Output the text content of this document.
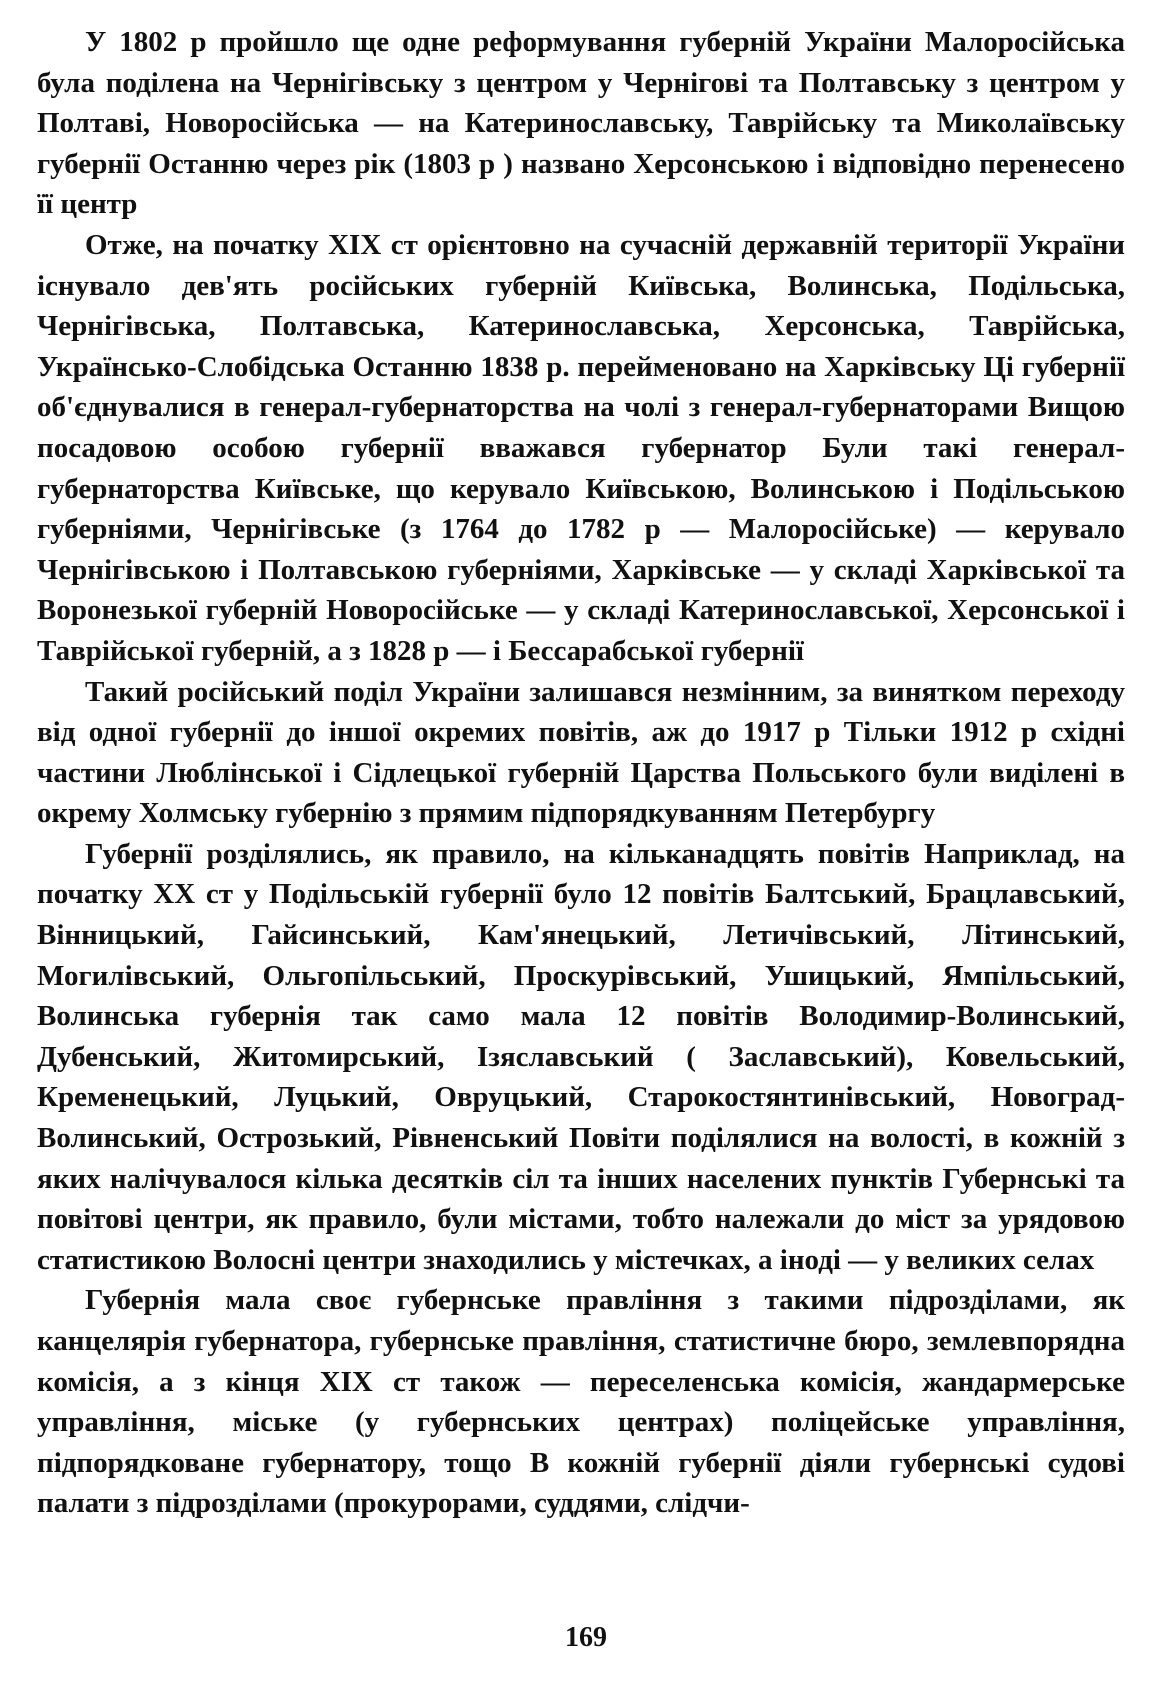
У 1802 р пройшло ще одне реформування губерній України Малоросійська була поділена на Чернігівську з центром у Чернігові та Полтавську з центром у Полтаві, Новоросійська — на Катеринославську, Таврійську та Миколаївську губернії Останню через рік (1803 р ) названо Херсонською і відповідно перенесено її центр

Отже, на початку XIX ст орієнтовно на сучасній державній території України існувало дев'ять російських губерній Київська, Волинська, Подільська, Чернігівська, Полтавська, Катеринославська, Херсонська, Таврійська, Українсько-Слобідська Останню 1838 р. перейменовано на Харківську Ці губернії об'єднувалися в генерал-губернаторства на чолі з генерал-губернаторами Вищою посадовою особою губернії вважався губернатор Були такі генерал-губернаторства Київське, що керувало Київською, Волинською і Подільською губерніями, Чернігівське (з 1764 до 1782 р — Малоросійське) — керувало Чернігівською і Полтавською губерніями, Харківське — у складі Харківської та Воронезької губерній Новоросійське — у складі Катеринославської, Херсонської і Таврійської губерній, а з 1828 р — і Бессарабської губернії

Такий російський поділ України залишався незмінним, за винятком переходу від одної губернії до іншої окремих повітів, аж до 1917 р Тільки 1912 р східні частини Люблінської і Сідлецької губерній Царства Польського були виділені в окрему Холмську губернію з прямим підпорядкуванням Петербургу

Губернії розділялись, як правило, на кільканадцять повітів Наприклад, на початку XX ст у Подільській губернії було 12 повітів Балтський, Брацлавський, Вінницький, Гайсинський, Кам'янецький, Летичівський, Літинський, Могилівський, Ольгопільський, Проскурівський, Ушицький, Ямпільський, Волинська губернія так само мала 12 повітів Володимир-Волинський, Дубенський, Житомирський, Ізяславський ( Заславський), Ковельський, Кременецький, Луцький, Овруцький, Старокостянтинівський, Новоград-Волинський, Острозький, Рівненський Повіти поділялися на волості, в кожній з яких налічувалося кілька десятків сіл та інших населених пунктів Губернські та повітові центри, як правило, були містами, тобто належали до міст за урядовою статистикою Волосні центри знаходились у містечках, а іноді — у великих селах

Губернія мала своє губернське правління з такими підрозділами, як канцелярія губернатора, губернське правління, статистичне бюро, землевпорядна комісія, а з кінця XIX ст також — переселенська комісія, жандармерське управління, міське (у губернських центрах) поліцейське управління, підпорядковане губернатору, тощо В кожній губернії діяли губернські судові палати з підрозділами (прокурорами, суддями, слідчи-

169
